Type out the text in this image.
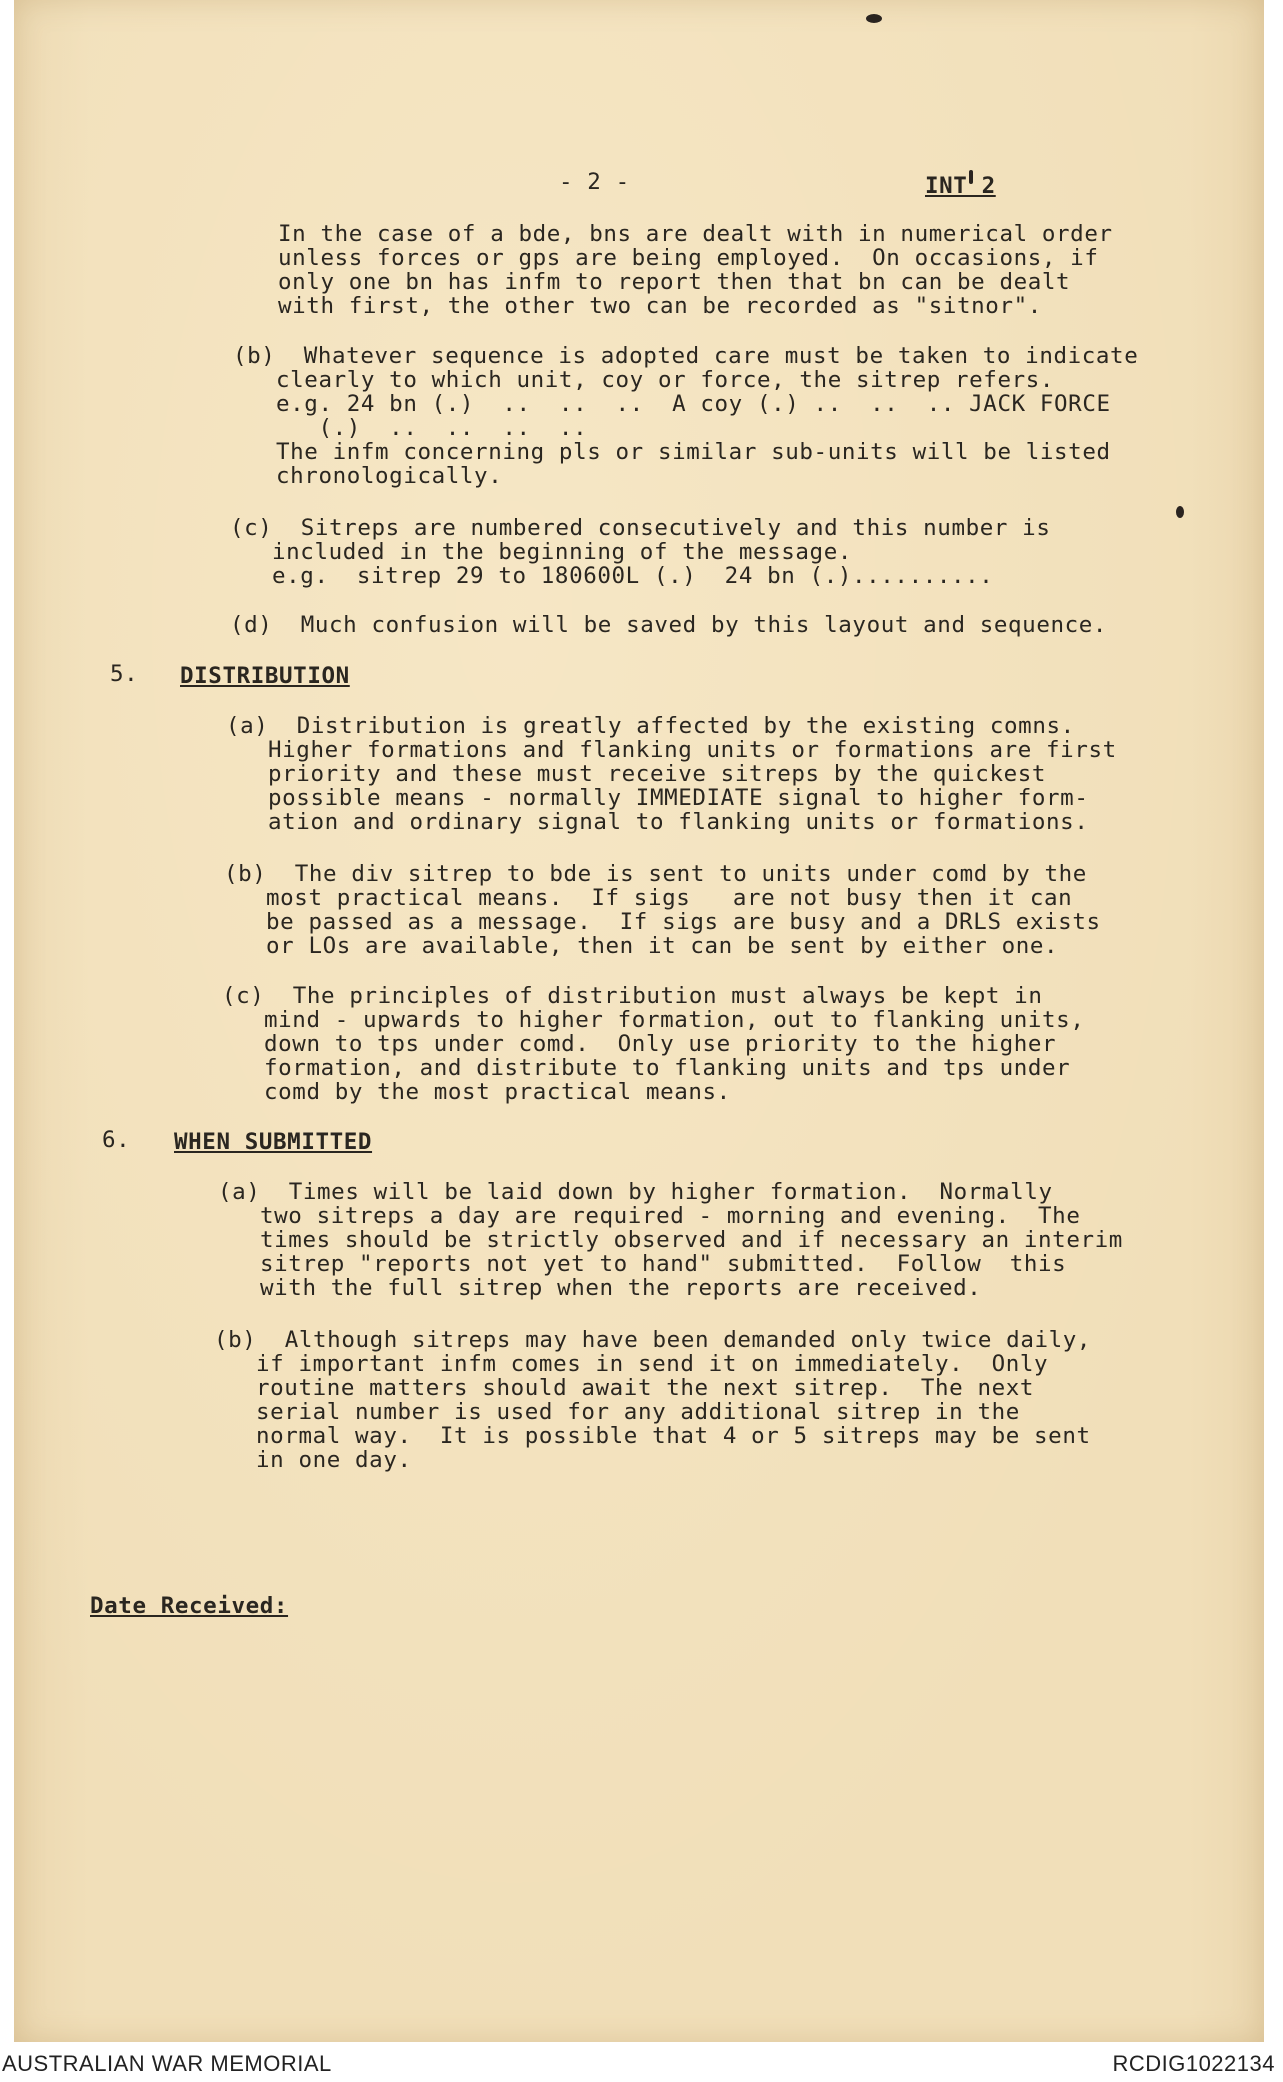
- 2 -	INT 2
In the case of a bde, bns are dealt with in numerical order
unless forces or gps are being employed.  On occasions, if
only one bn has infm to report then that bn can be dealt
with first, the other two can be recorded as "sitnor".
(b)  Whatever sequence is adopted care must be taken to indicate
clearly to which unit, coy or force, the sitrep refers.
e.g. 24 bn (.)  ..  ..  ..  A coy (.) ..  ..  .. JACK FORCE
(.)  ..  ..  ..  ..
The infm concerning pls or similar sub-units will be listed
chronologically.
(c)  Sitreps are numbered consecutively and this number is
included in the beginning of the message.
e.g.  sitrep 29 to 180600L (.)  24 bn (.)..........
(d)  Much confusion will be saved by this layout and sequence.
5. DISTRIBUTION
(a)  Distribution is greatly affected by the existing comns.
Higher formations and flanking units or formations are first
priority and these must receive sitreps by the quickest
possible means - normally IMMEDIATE signal to higher form-
ation and ordinary signal to flanking units or formations.
(b)  The div sitrep to bde is sent to units under comd by the
most practical means.  If sigs   are not busy then it can
be passed as a message.  If sigs are busy and a DRLS exists
or LOs are available, then it can be sent by either one.
(c)  The principles of distribution must always be kept in
mind - upwards to higher formation, out to flanking units,
down to tps under comd.  Only use priority to the higher
formation, and distribute to flanking units and tps under
comd by the most practical means.
6. WHEN SUBMITTED
(a)  Times will be laid down by higher formation.  Normally
two sitreps a day are required - morning and evening.  The
times should be strictly observed and if necessary an interim
sitrep "reports not yet to hand" submitted.  Follow  this
with the full sitrep when the reports are received.
(b)  Although sitreps may have been demanded only twice daily,
if important infm comes in send it on immediately.  Only
routine matters should await the next sitrep.  The next
serial number is used for any additional sitrep in the
normal way.  It is possible that 4 or 5 sitreps may be sent
in one day.
Date Received:
AUSTRALIAN WAR MEMORIAL	RCDIG1022134
